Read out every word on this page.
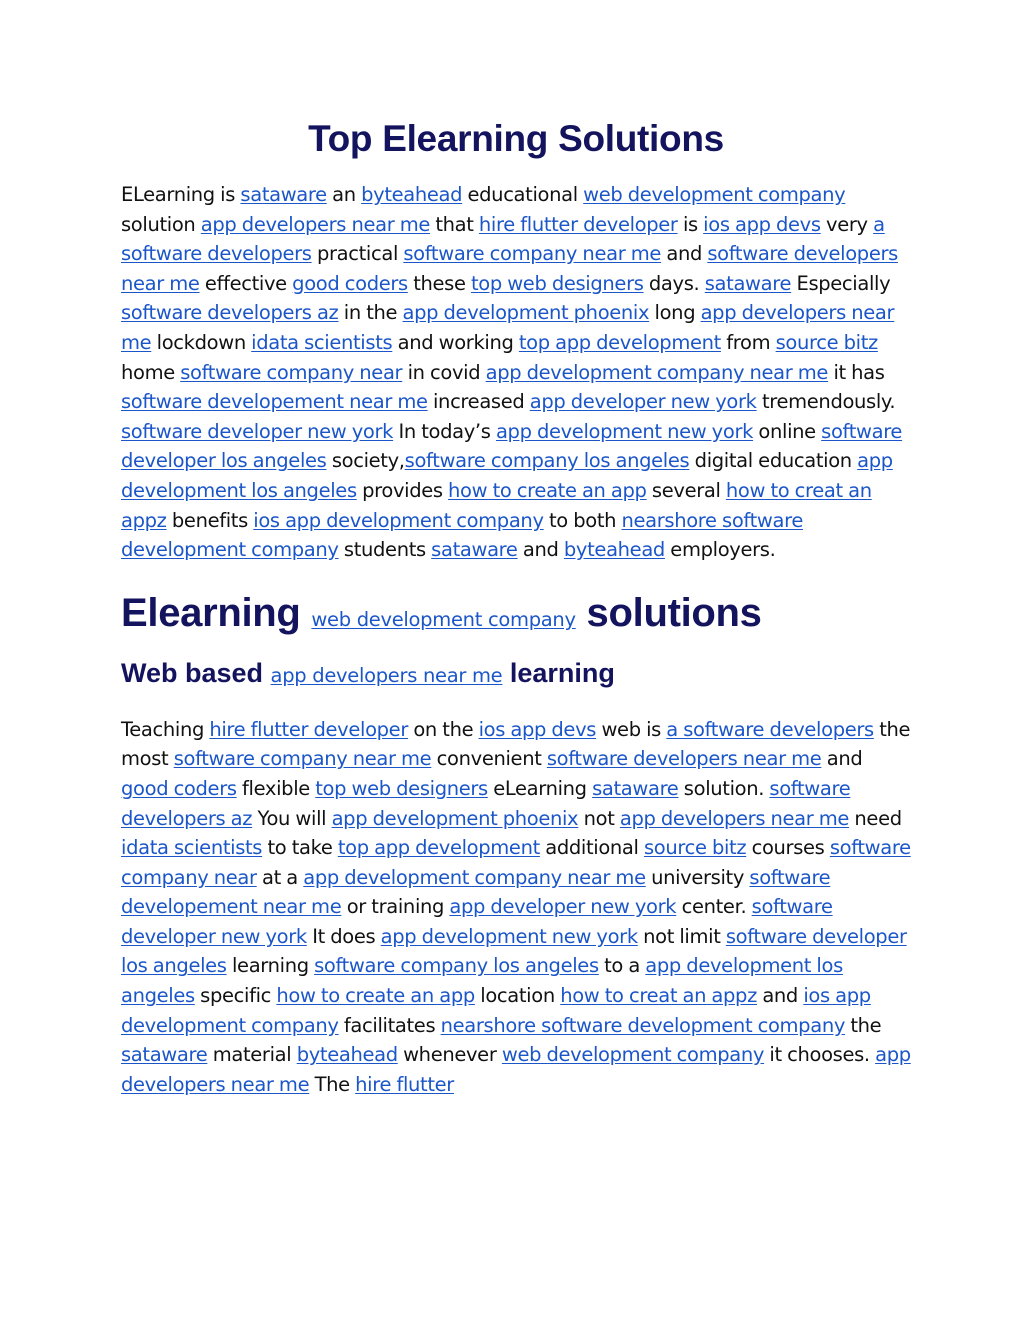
Top Elearning Solutions

ELearning is sataware an byteahead educational web development company solution app developers near me that hire flutter developer is ios app devs very a software developers practical software company near me and software developers near me effective good coders these top web designers days. sataware Especially software developers az in the app development phoenix long app developers near me lockdown idata scientists and working top app development from source bitz home software company near in covid app development company near me it has software developement near me increased app developer new york tremendously. software developer new york In today’s app development new york online software developer los angeles society,software company los angeles digital education app development los angeles provides how to create an app several how to creat an appz benefits ios app development company to both nearshore software development company students sataware and byteahead employers.

Elearning web development company solutions
Web based app developers near me learning

Teaching hire flutter developer on the ios app devs web is a software developers the most software company near me convenient software developers near me and good coders flexible top web designers eLearning sataware solution. software developers az You will app development phoenix not app developers near me need idata scientists to take top app development additional source bitz courses software company near at a app development company near me university software developement near me or training app developer new york center. software developer new york It does app development new york not limit software developer los angeles learning software company los angeles to a app development los angeles specific how to create an app location how to creat an appz and ios app development company facilitates nearshore software development company the sataware material byteahead whenever web development company it chooses. app developers near me The hire flutter
